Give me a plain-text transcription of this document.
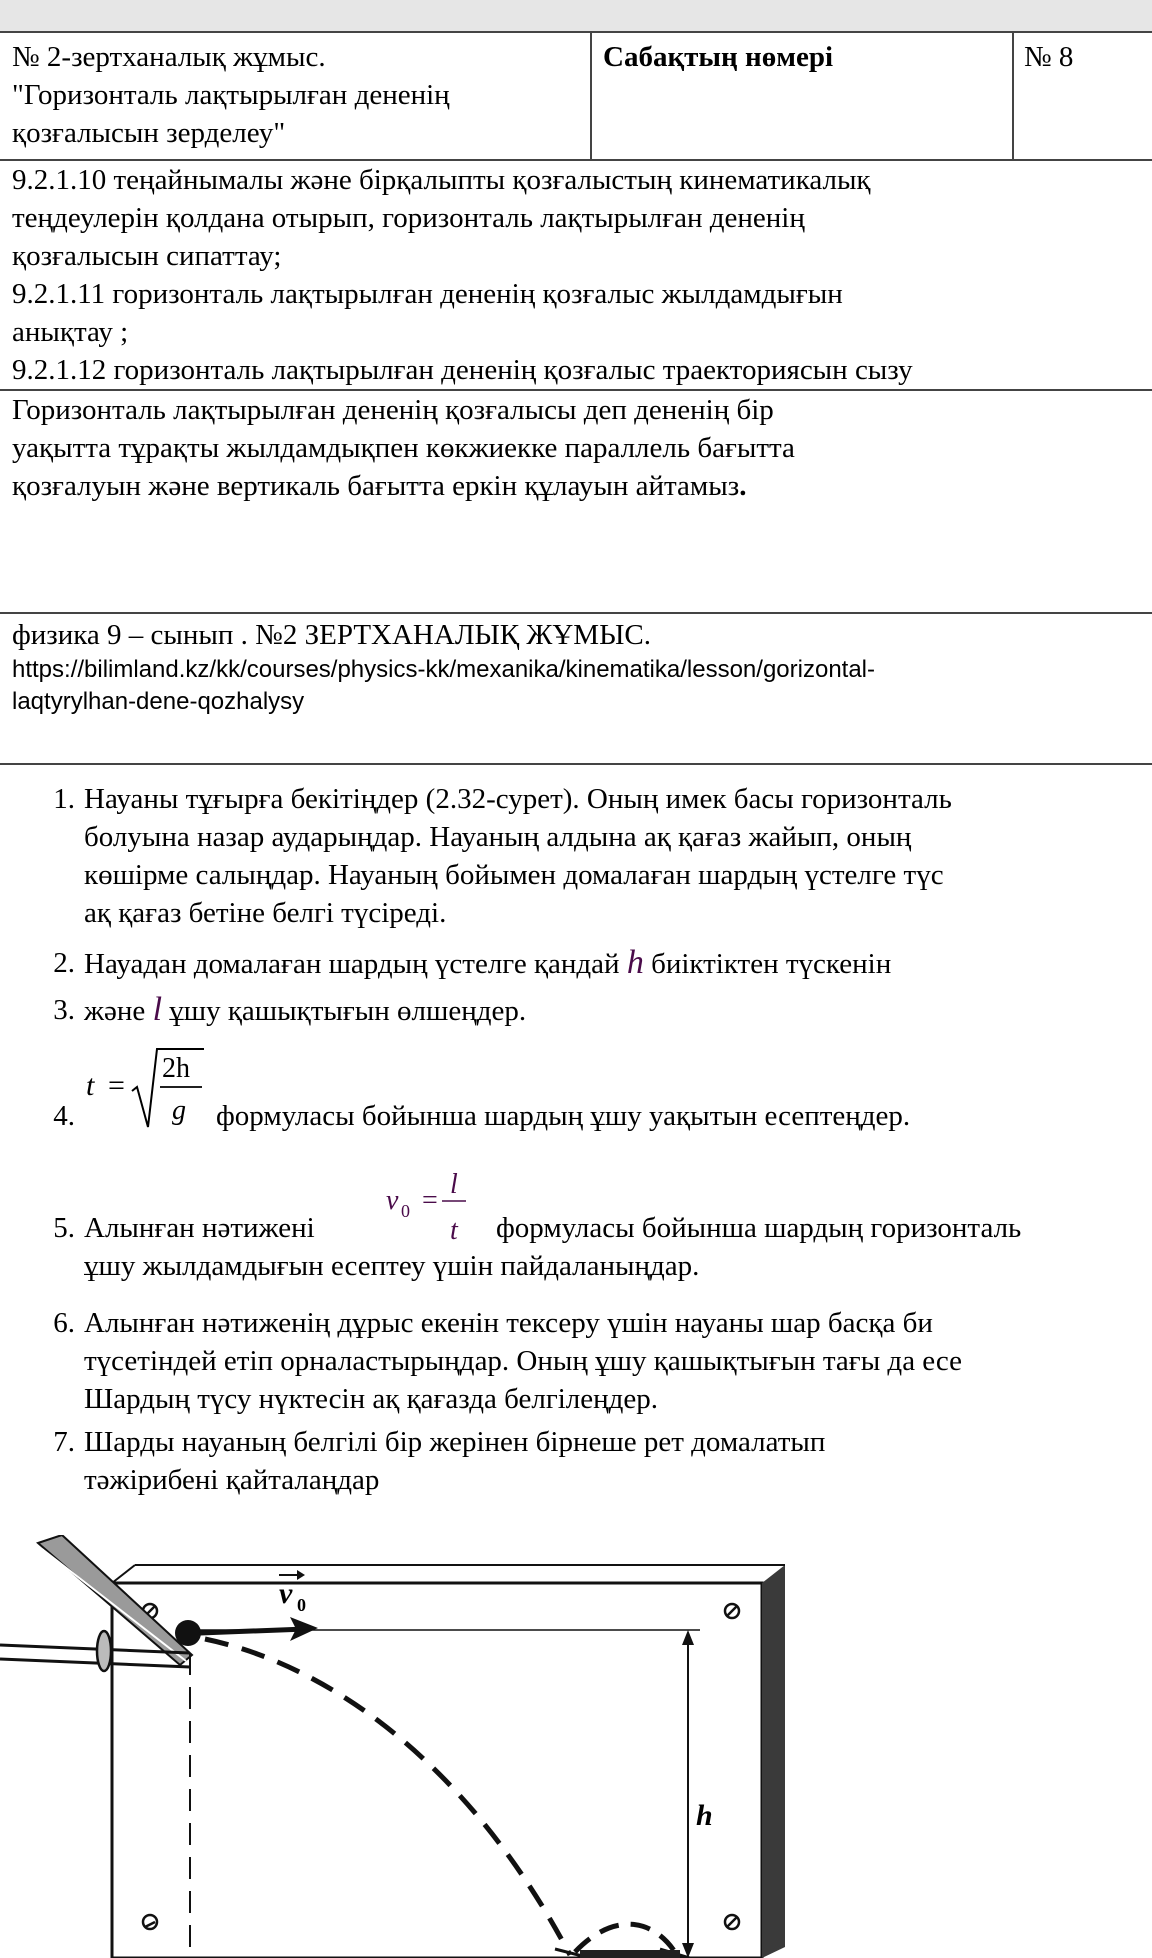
№ 2-зертханалық жұмыс.
"Горизонталь лақтырылған дененің
қозғалысын зерделеу"
Сабақтың нөмері	№ 8
9.2.1.10 теңайнымалы және бірқалыпты қозғалыстың кинематикалық
теңдеулерін қолдана отырып, горизонталь лақтырылған дененің
қозғалысын сипаттау;
9.2.1.11 горизонталь лақтырылған дененің қозғалыс жылдамдығын
анықтау ;
9.2.1.12 горизонталь лақтырылған дененің қозғалыс траекториясын сызу
Горизонталь лақтырылған дененің қозғалысы деп дененің бір
уақытта тұрақты жылдамдықпен көкжиекке параллель бағытта
қозғалуын және вертикаль бағытта еркін құлауын айтамыз.
физика 9 – сынып . №2 ЗЕРТХАНАЛЫҚ ЖҰМЫС.
https://bilimland.kz/kk/courses/physics-kk/mexanika/kinematika/lesson/gorizontal-
laqtyrylhan-dene-qozhalysy
1. Науаны тұғырға бекітіңдер (2.32-сурет). Оның имек басы горизонталь
болуына назар аударыңдар. Науаның алдына ақ қағаз жайып, оның
көшірме салыңдар. Науаның бойымен домалаған шардың үстелге түс
ақ қағаз бетіне белгі түсіреді.
2. Науадан домалаған шардың үстелге қандай h биіктіктен түскенін
3. және l ұшу қашықтығын өлшеңдер.
4.
t =
2h
g формуласы бойынша шардың ұшу уақытын есептеңдер.
5. Алынған нәтижені
v 0 =
l
t формуласы бойынша шардың горизонталь
ұшу жылдамдығын есептеу үшін пайдаланыңдар.
6. Алынған нәтиженің дұрыс екенін тексеру үшін науаны шар басқа би
түсетіндей етіп орналастырыңдар. Оның ұшу қашықтығын тағы да есе
Шардың түсу нүктесін ақ қағазда белгілеңдер.
7. Шарды науаның белгілі бір жерінен бірнеше рет домалатып
тәжірибені қайталаңдар
v 0
h
